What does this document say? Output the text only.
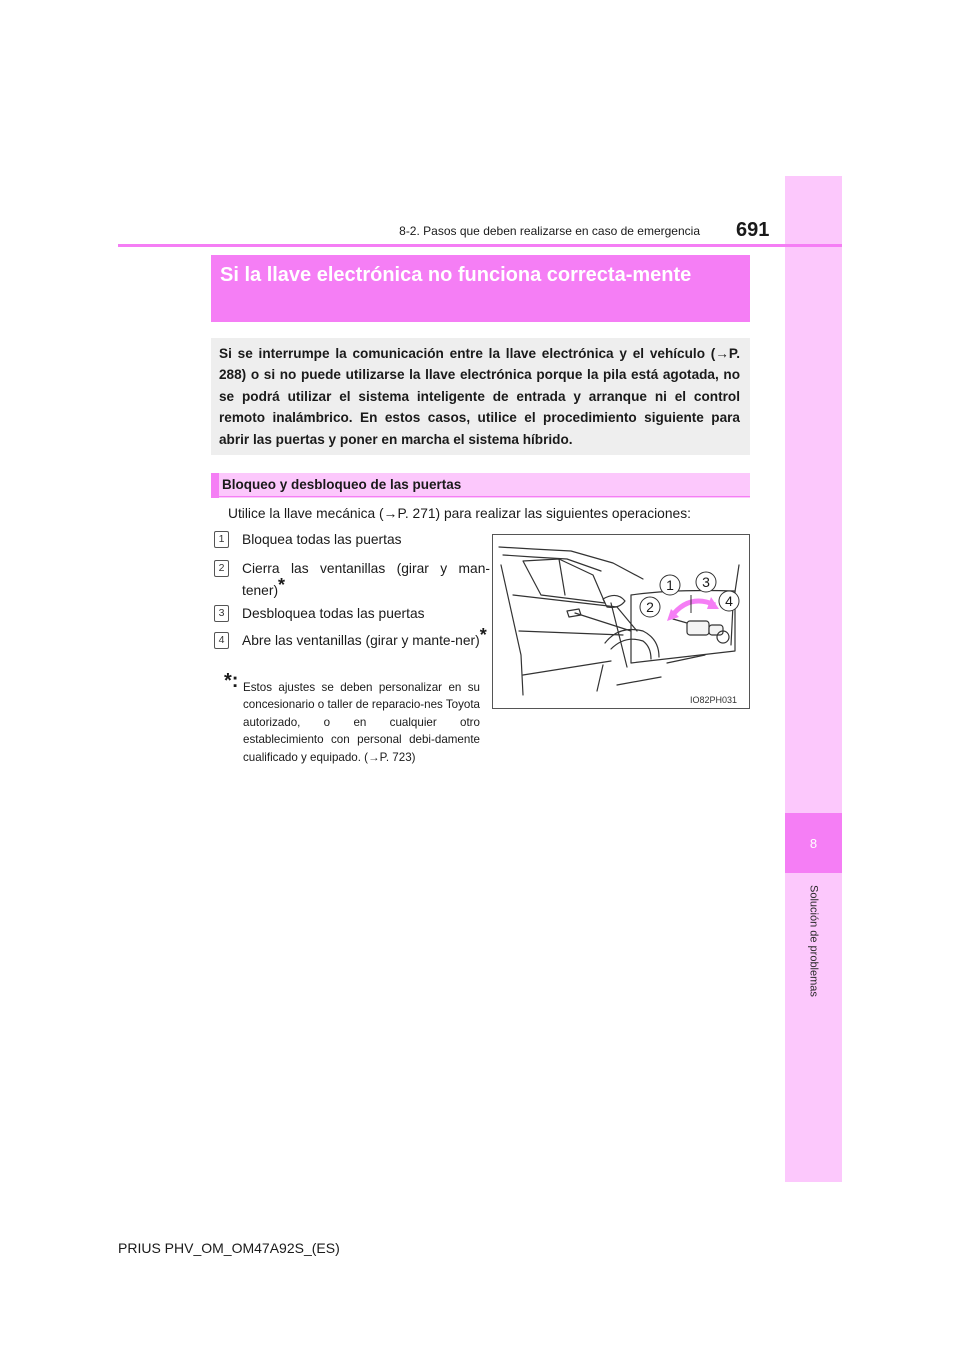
8
Solución de problemas
8-2. Pasos que deben realizarse en caso de emergencia 691
Si la llave electrónica no funciona correcta-mente
Si se interrumpe la comunicación entre la llave electrónica y el vehículo (→P. 288) o si no puede utilizarse la llave electrónica porque la pila está agotada, no se podrá utilizar el sistema inteligente de entrada y arranque ni el control remoto inalámbrico. En estos casos, utilice el procedimiento siguiente para abrir las puertas y poner en marcha el sistema híbrido.
Bloqueo y desbloqueo de las puertas
Utilice la llave mecánica (→P. 271) para realizar las siguientes operaciones:
1	Bloquea todas las puertas
2	Cierra las ventanillas (girar y man-tener)*
3	Desbloquea todas las puertas
4	Abre las ventanillas (girar y mante-ner)*
*: Estos ajustes se deben personalizar en su concesionario o taller de reparacio-nes Toyota autorizado, o en cualquier otro establecimiento con personal debi-damente cualificado y equipado. (→P. 723)
1
2
3
4
IO82PH031
PRIUS PHV_OM_OM47A92S_(ES)
